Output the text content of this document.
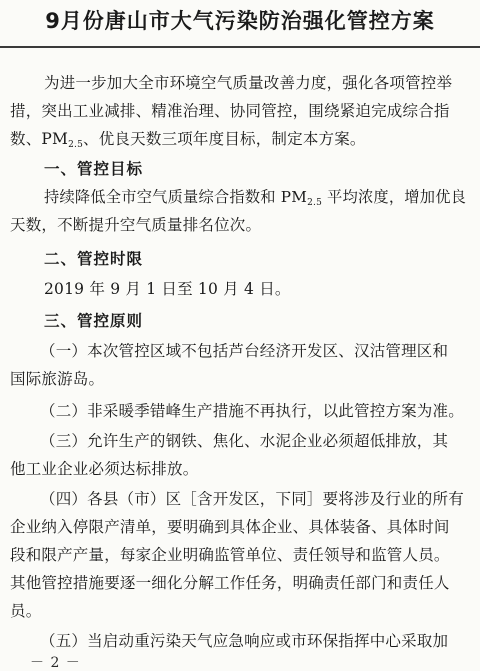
9月份唐山市大气污染防治强化管控方案
为进一步加大全市环境空气质量改善力度，强化各项管控举
措，突出工业减排、精准治理、协同管控，围绕紧迫完成综合指
数、$PM_{2.5}$、优良天数三项年度目标，制定本方案。
一、管控目标
持续降低全市空气质量综合指数和 $PM_{2.5}$ 平均浓度，增加优良
天数，不断提升空气质量排名位次。
二、管控时限
2019 年 9 月 1 日至 10 月 4 日。
三、管控原则
（一）本次管控区域不包括芦台经济开发区、汉沽管理区和
国际旅游岛。
（二）非采暖季错峰生产措施不再执行，以此管控方案为准。
（三）允许生产的钢铁、焦化、水泥企业必须超低排放，其
他工业企业必须达标排放。
（四）各县（市）区［含开发区，下同］要将涉及行业的所有
企业纳入停限产清单，要明确到具体企业、具体装备、具体时间
段和限产产量，每家企业明确监管单位、责任领导和监管人员。
其他管控措施要逐一细化分解工作任务，明确责任部门和责任人
员。
（五）当启动重污染天气应急响应或市环保指挥中心采取加
－ 2 －
